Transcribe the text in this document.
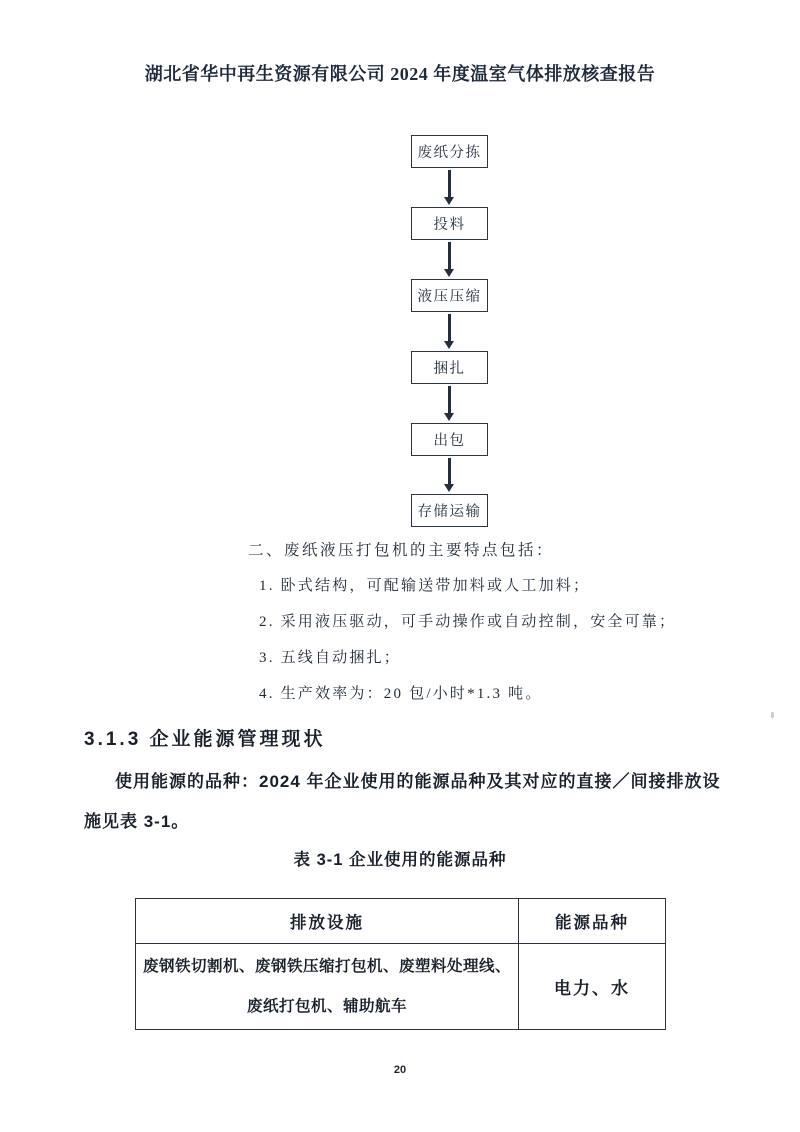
湖北省华中再生资源有限公司 2024 年度温室气体排放核查报告
废纸分拣
投料
液压压缩
捆扎
出包
存储运输
二、废纸液压打包机的主要特点包括：
1. 卧式结构，可配输送带加料或人工加料；
2. 采用液压驱动，可手动操作或自动控制，安全可靠；
3. 五线自动捆扎；
4. 生产效率为：20 包/小时*1.3 吨。
3.1.3 企业能源管理现状
使用能源的品种：2024 年企业使用的能源品种及其对应的直接／间接排放设施见表 3-1。
表 3-1 企业使用的能源品种
排放设施	能源品种
废钢铁切割机、废钢铁压缩打包机、废塑料处理线、废纸打包机、辅助航车	电力、水
20
